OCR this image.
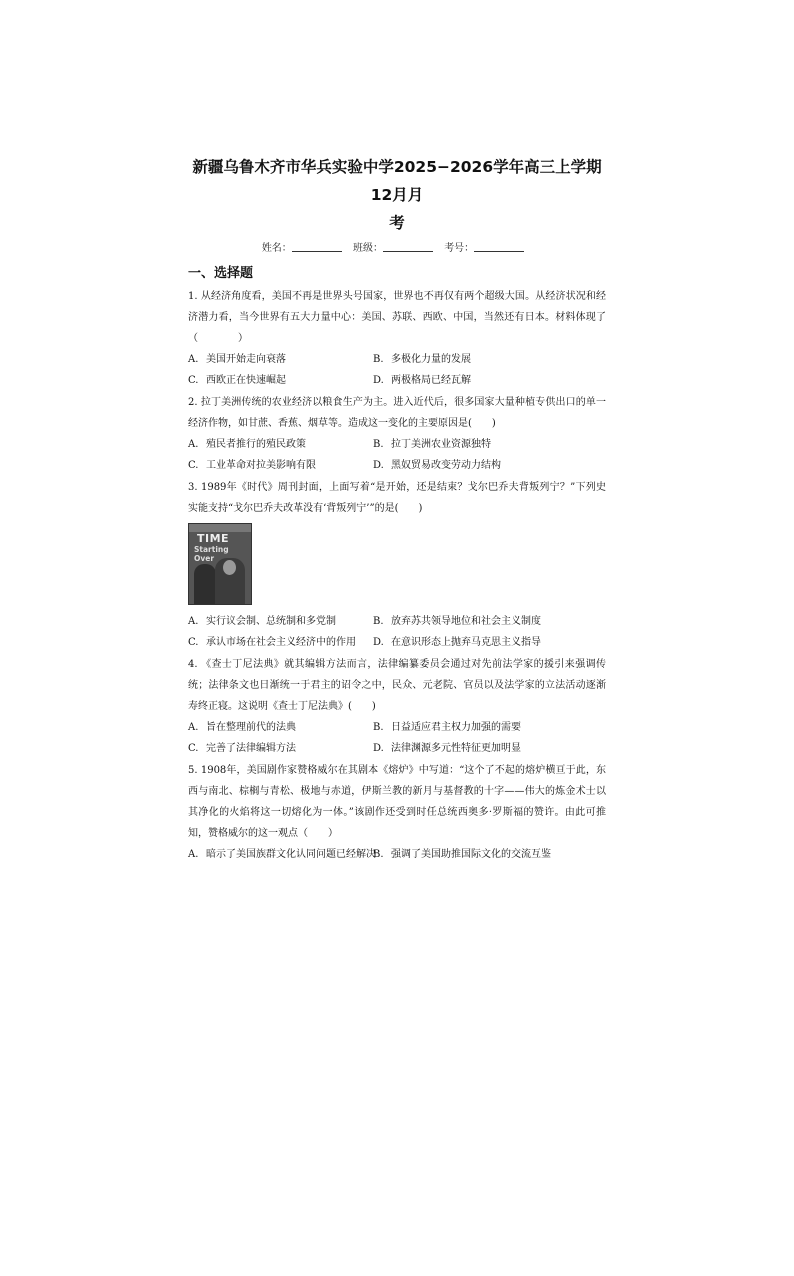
新疆乌鲁木齐市华兵实验中学2025−2026学年高三上学期12月月
考
姓名：	班级：	考号：
一、选择题
1. 从经济角度看，美国不再是世界头号国家，世界也不再仅有两个超级大国。从经济状况和经济潜力看，当今世界有五大力量中心：美国、苏联、西欧、中国，当然还有日本。材料体现了（　　　　）
A. 美国开始走向衰落	B. 多极化力量的发展
C. 西欧正在快速崛起	D. 两极格局已经瓦解
2. 拉丁美洲传统的农业经济以粮食生产为主。进入近代后，很多国家大量种植专供出口的单一经济作物，如甘蔗、香蕉、烟草等。造成这一变化的主要原因是(　　)
A. 殖民者推行的殖民政策	B. 拉丁美洲农业资源独特
C. 工业革命对拉美影响有限	D. 黑奴贸易改变劳动力结构
3. 1989年《时代》周刊封面，上面写着“是开始，还是结束？戈尔巴乔夫背叛列宁？”下列史实能支持“戈尔巴乔夫改革没有‘背叛列宁’”的是(　　)
TIME
Starting Over
A. 实行议会制、总统制和多党制	B. 放弃苏共领导地位和社会主义制度
C. 承认市场在社会主义经济中的作用	D. 在意识形态上抛弃马克思主义指导
4. 《查士丁尼法典》就其编辑方法而言，法律编纂委员会通过对先前法学家的援引来强调传统；法律条文也日渐统一于君主的诏令之中，民众、元老院、官员以及法学家的立法活动逐渐寿终正寝。这说明《查士丁尼法典》(　　)
A. 旨在整理前代的法典	B. 日益适应君主权力加强的需要
C. 完善了法律编辑方法	D. 法律渊源多元性特征更加明显
5. 1908年，美国剧作家赞格威尔在其剧本《熔炉》中写道：“这个了不起的熔炉横亘于此，东西与南北、棕榈与青松、极地与赤道，伊斯兰教的新月与基督教的十字——伟大的炼金术士以其净化的火焰将这一切熔化为一体。”该剧作还受到时任总统西奥多·罗斯福的赞许。由此可推知，赞格威尔的这一观点（　　）
A. 暗示了美国族群文化认同问题已经解决
B. 强调了美国助推国际文化的交流互鉴
